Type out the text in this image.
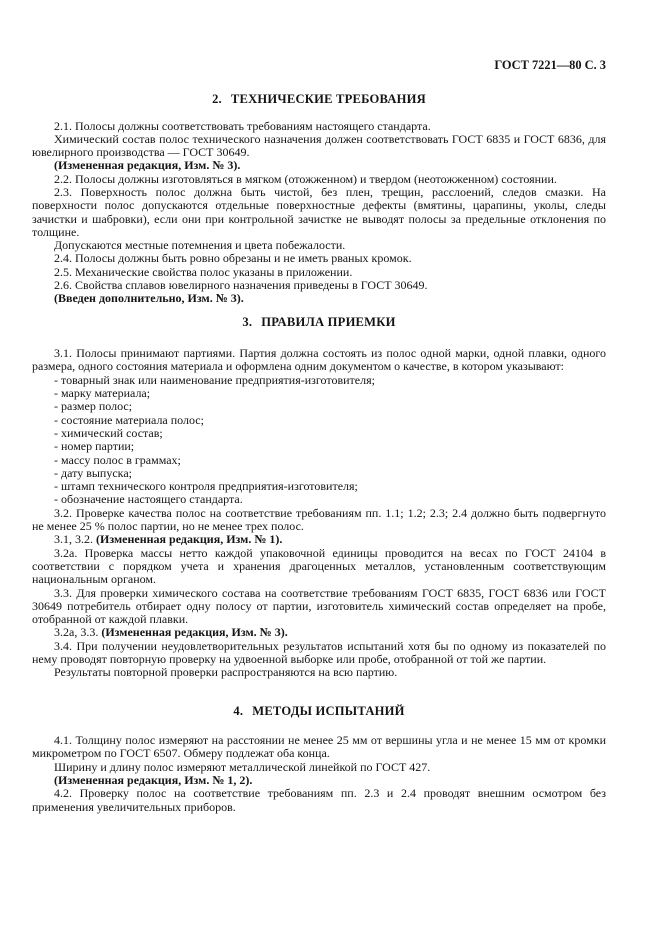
ГОСТ 7221—80 С. 3
2. ТЕХНИЧЕСКИЕ ТРЕБОВАНИЯ

2.1. Полосы должны соответствовать требованиям настоящего стандарта.

Химический состав полос технического назначения должен соответствовать ГОСТ 6835 и ГОСТ 6836, для ювелирного производства — ГОСТ 30649.

(Измененная редакция, Изм. № 3).

2.2. Полосы должны изготовляться в мягком (отожженном) и твердом (неотожженном) состоянии.

2.3. Поверхность полос должна быть чистой, без плен, трещин, расслоений, следов смазки. На поверхности полос допускаются отдельные поверхностные дефекты (вмятины, царапины, уколы, следы зачистки и шабровки), если они при контрольной зачистке не выводят полосы за предельные отклонения по толщине.

Допускаются местные потемнения и цвета побежалости.

2.4. Полосы должны быть ровно обрезаны и не иметь рваных кромок.

2.5. Механические свойства полос указаны в приложении.

2.6. Свойства сплавов ювелирного назначения приведены в ГОСТ 30649.

(Введен дополнительно, Изм. № 3).

3. ПРАВИЛА ПРИЕМКИ

3.1. Полосы принимают партиями. Партия должна состоять из полос одной марки, одной плавки, одного размера, одного состояния материала и оформлена одним документом о качестве, в котором указывают:

- товарный знак или наименование предприятия-изготовителя;

- марку материала;

- размер полос;

- состояние материала полос;

- химический состав;

- номер партии;

- массу полос в граммах;

- дату выпуска;

- штамп технического контроля предприятия-изготовителя;

- обозначение настоящего стандарта.

3.2. Проверке качества полос на соответствие требованиям пп. 1.1; 1.2; 2.3; 2.4 должно быть подвергнуто не менее 25 % полос партии, но не менее трех полос.

3.1, 3.2. (Измененная редакция, Изм. № 1).

3.2а. Проверка массы нетто каждой упаковочной единицы проводится на весах по ГОСТ 24104 в соответствии с порядком учета и хранения драгоценных металлов, установленным соответствующим национальным органом.

3.3. Для проверки химического состава на соответствие требованиям ГОСТ 6835, ГОСТ 6836 или ГОСТ 30649 потребитель отбирает одну полосу от партии, изготовитель химический состав определяет на пробе, отобранной от каждой плавки.

3.2а, 3.3. (Измененная редакция, Изм. № 3).

3.4. При получении неудовлетворительных результатов испытаний хотя бы по одному из показателей по нему проводят повторную проверку на удвоенной выборке или пробе, отобранной от той же партии.

Результаты повторной проверки распространяются на всю партию.

4. МЕТОДЫ ИСПЫТАНИЙ

4.1. Толщину полос измеряют на расстоянии не менее 25 мм от вершины угла и не менее 15 мм от кромки микрометром по ГОСТ 6507. Обмеру подлежат оба конца.

Ширину и длину полос измеряют металлической линейкой по ГОСТ 427.

(Измененная редакция, Изм. № 1, 2).

4.2. Проверку полос на соответствие требованиям пп. 2.3 и 2.4 проводят внешним осмотром без применения увеличительных приборов.
